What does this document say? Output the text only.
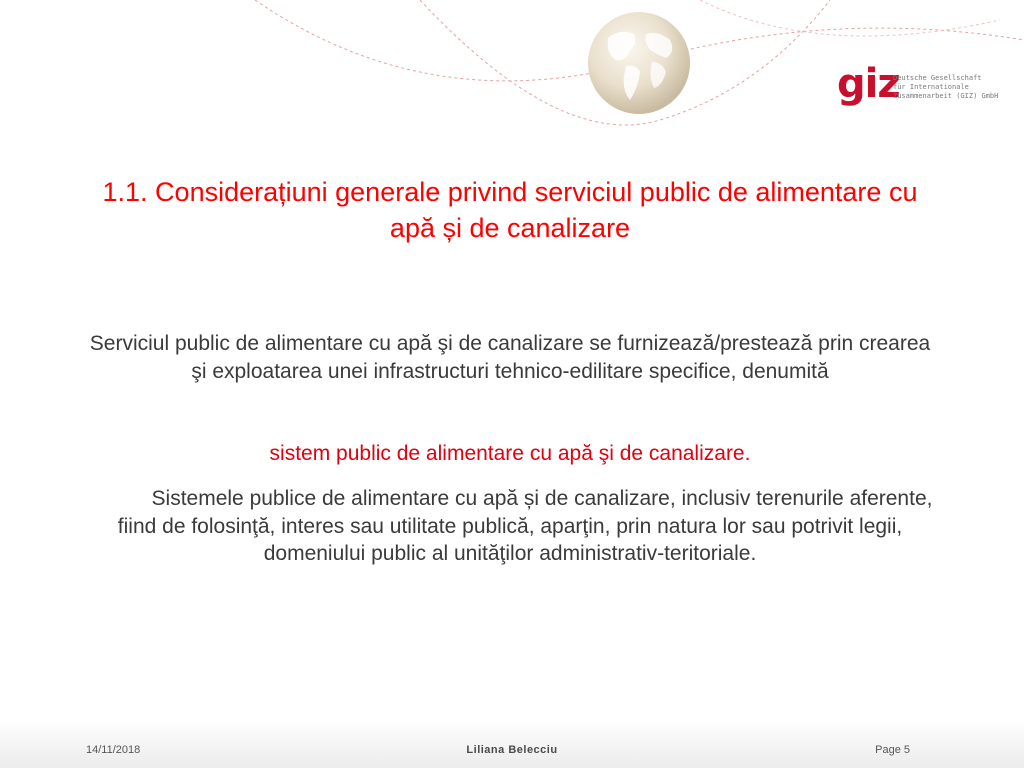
giz
Deutsche Gesellschaft
für Internationale
Zusammenarbeit (GIZ) GmbH
1.1. Considerațiuni generale privind serviciul public de alimentare cu apă și de canalizare

Serviciul public de alimentare cu apă şi de canalizare se furnizează/prestează prin crearea şi exploatarea unei infrastructuri tehnico-edilitare specifice, denumită

sistem public de alimentare cu apă şi de canalizare.

Sistemele publice de alimentare cu apă și de canalizare, inclusiv terenurile aferente, fiind de folosinţă, interes sau utilitate publică, aparţin, prin natura lor sau potrivit legii, domeniului public al unităţilor administrativ-teritoriale.

14/11/2018	Liliana Belecciu	Page 5
